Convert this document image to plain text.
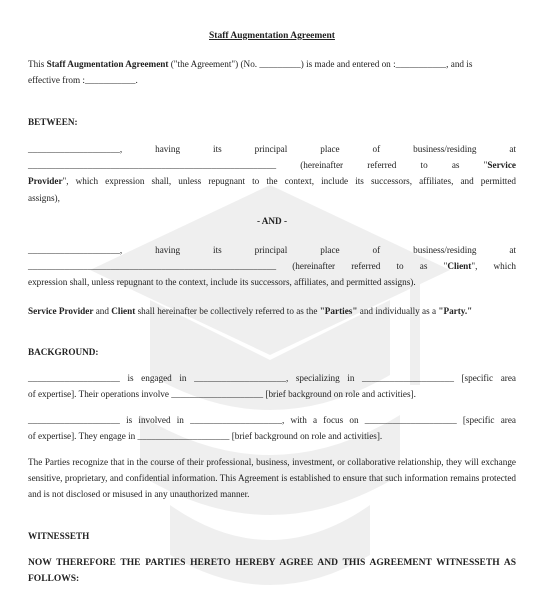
Staff Augmentation Agreement

This Staff Augmentation Agreement ("the Agreement") (No. _________) is made and entered on :___________, and is
effective from :___________.

BETWEEN:

____________________, having its principal place of business/residing at
______________________________________________________	(hereinafter referred to as "Service
Provider", which expression shall, unless repugnant to the context, include its successors, affiliates, and permitted
assigns),

- AND -

____________________, having its principal place of business/residing at
______________________________________________________ (hereinafter referred to as "Client", which
expression shall, unless repugnant to the context, include its successors, affiliates, and permitted assigns).
Service Provider and Client shall hereinafter be collectively referred to as the "Parties" and individually as a "Party."

BACKGROUND:

____________________ is engaged in ____________________, specializing in ____________________ [specific area
of expertise]. Their operations involve ____________________ [brief background on role and activities].
____________________ is involved in ____________________, with a focus on ____________________ [specific area
of expertise]. They engage in ____________________ [brief background on role and activities].

The Parties recognize that in the course of their professional, business, investment, or collaborative relationship, they will exchange sensitive, proprietary, and confidential information. This Agreement is established to ensure that such information remains protected and is not disclosed or misused in any unauthorized manner.

WITNESSETH

NOW THEREFORE THE PARTIES HERETO HEREBY AGREE AND THIS AGREEMENT WITNESSETH AS FOLLOWS:
